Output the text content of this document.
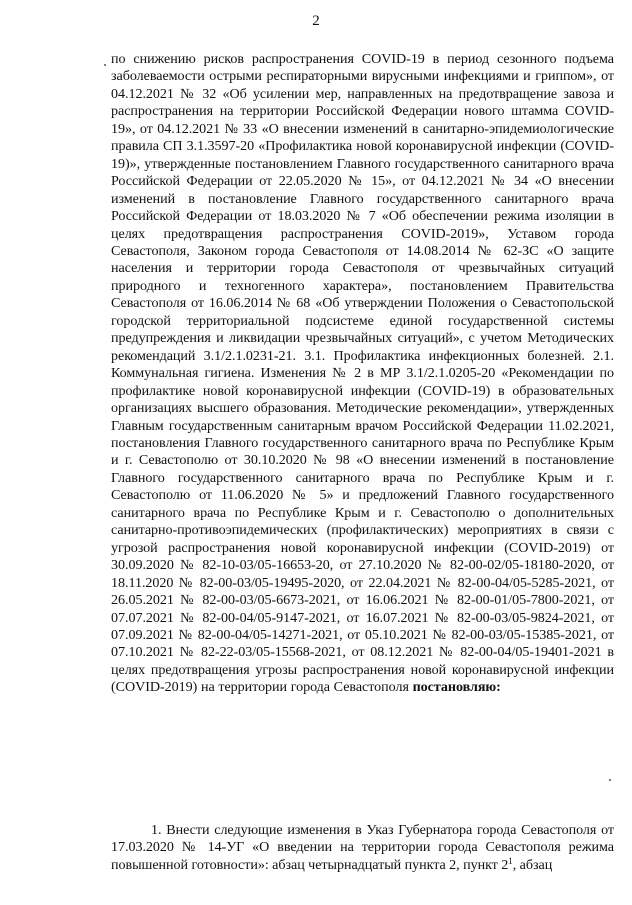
2

по снижению рисков распространения COVID-19 в период сезонного подъема заболеваемости острыми респираторными вирусными инфекциями и гриппом», от 04.12.2021 № 32 «Об усилении мер, направленных на предотвращение завоза и распространения на территории Российской Федерации нового штамма COVID-19», от 04.12.2021 № 33 «О внесении изменений в санитарно-эпидемиологические правила СП 3.1.3597-20 «Профилактика новой коронавирусной инфекции (COVID-19)», утвержденные постановлением Главного государственного санитарного врача Российской Федерации от 22.05.2020 № 15», от 04.12.2021 № 34 «О внесении изменений в постановление Главного государственного санитарного врача Российской Федерации от 18.03.2020 № 7 «Об обеспечении режима изоляции в целях предотвращения распространения COVID-2019», Уставом города Севастополя, Законом города Севастополя от 14.08.2014 № 62-ЗС «О защите населения и территории города Севастополя от чрезвычайных ситуаций природного и техногенного характера», постановлением Правительства Севастополя от 16.06.2014 № 68 «Об утверждении Положения о Севастопольской городской территориальной подсистеме единой государственной системы предупреждения и ликвидации чрезвычайных ситуаций», с учетом Методических рекомендаций 3.1/2.1.0231-21. 3.1. Профилактика инфекционных болезней. 2.1. Коммунальная гигиена. Изменения № 2 в МР 3.1/2.1.0205-20 «Рекомендации по профилактике новой коронавирусной инфекции (COVID-19) в образовательных организациях высшего образования. Методические рекомендации», утвержденных Главным государственным санитарным врачом Российской Федерации 11.02.2021, постановления Главного государственного санитарного врача по Республике Крым и г. Севастополю от 30.10.2020 № 98 «О внесении изменений в постановление Главного государственного санитарного врача по Республике Крым и г. Севастополю от 11.06.2020 № 5» и предложений Главного государственного санитарного врача по Республике Крым и г. Севастополю о дополнительных санитарно-противоэпидемических (профилактических) мероприятиях в связи с угрозой распространения новой коронавирусной инфекции (COVID-2019) от 30.09.2020 № 82-10-03/05-16653-20, от 27.10.2020 № 82-00-02/05-18180-2020, от 18.11.2020 № 82-00-03/05-19495-2020, от 22.04.2021 № 82-00-04/05-5285-2021, от 26.05.2021 № 82-00-03/05-6673-2021, от 16.06.2021 № 82-00-01/05-7800-2021, от 07.07.2021 № 82-00-04/05-9147-2021, от 16.07.2021 № 82-00-03/05-9824-2021, от 07.09.2021 № 82-00-04/05-14271-2021, от 05.10.2021 № 82-00-03/05-15385-2021, от 07.10.2021 № 82-22-03/05-15568-2021, от 08.12.2021 № 82-00-04/05-19401-2021 в целях предотвращения угрозы распространения новой коронавирусной инфекции (COVID-2019) на территории города Севастополя постановляю:

1. Внести следующие изменения в Указ Губернатора города Севастополя от 17.03.2020 № 14-УГ «О введении на территории города Севастополя режима повышенной готовности»: абзац четырнадцатый пункта 2, пункт $2^1$, абзац
